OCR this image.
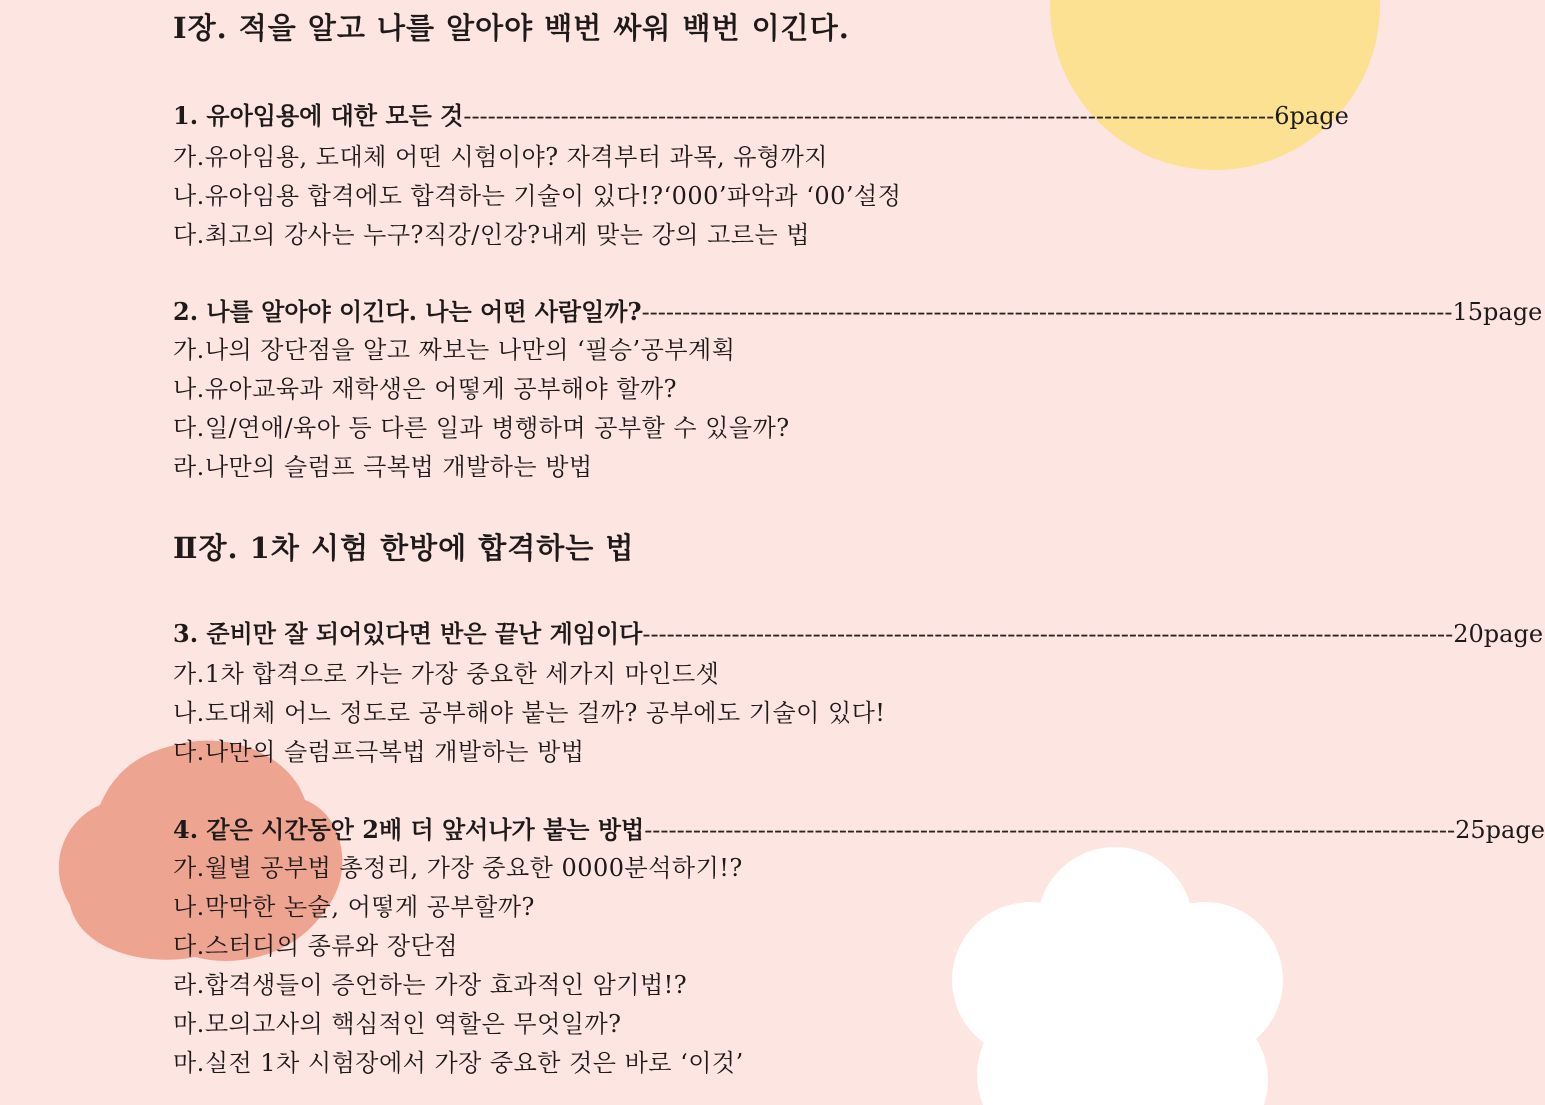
Ⅰ장. 적을 알고 나를 알아야 백번 싸워 백번 이긴다.
1. 유아임용에 대한 모든 것 ---------------------------------------------------------------------------------------------------- 6page
가.유아임용, 도대체 어떤 시험이야? 자격부터 과목, 유형까지
나.유아임용 합격에도 합격하는 기술이 있다!?‘000’파악과 ‘00’설정
다.최고의 강사는 누구?직강/인강?내게 맞는 강의 고르는 법
2. 나를 알아야 이긴다. 나는 어떤 사람일까? ---------------------------------------------------------------------------------------------------- 15page
가.나의 장단점을 알고 짜보는 나만의 ‘필승’공부계획
나.유아교육과 재학생은 어떻게 공부해야 할까?
다.일/연애/육아 등 다른 일과 병행하며 공부할 수 있을까?
라.나만의 슬럼프 극복법 개발하는 방법
Ⅱ장. 1차 시험 한방에 합격하는 법
3. 준비만 잘 되어있다면 반은 끝난 게임이다 ---------------------------------------------------------------------------------------------------- 20page
가.1차 합격으로 가는 가장 중요한 세가지 마인드셋
나.도대체 어느 정도로 공부해야 붙는 걸까? 공부에도 기술이 있다!
다.나만의 슬럼프극복법 개발하는 방법
4. 같은 시간동안 2배 더 앞서나가 붙는 방법 ---------------------------------------------------------------------------------------------------- 25page
가.월별 공부법 총정리, 가장 중요한 0000분석하기!?
나.막막한 논술, 어떻게 공부할까?
다.스터디의 종류와 장단점
라.합격생들이 증언하는 가장 효과적인 암기법!?
마.모의고사의 핵심적인 역할은 무엇일까?
마.실전 1차 시험장에서 가장 중요한 것은 바로 ‘이것’
